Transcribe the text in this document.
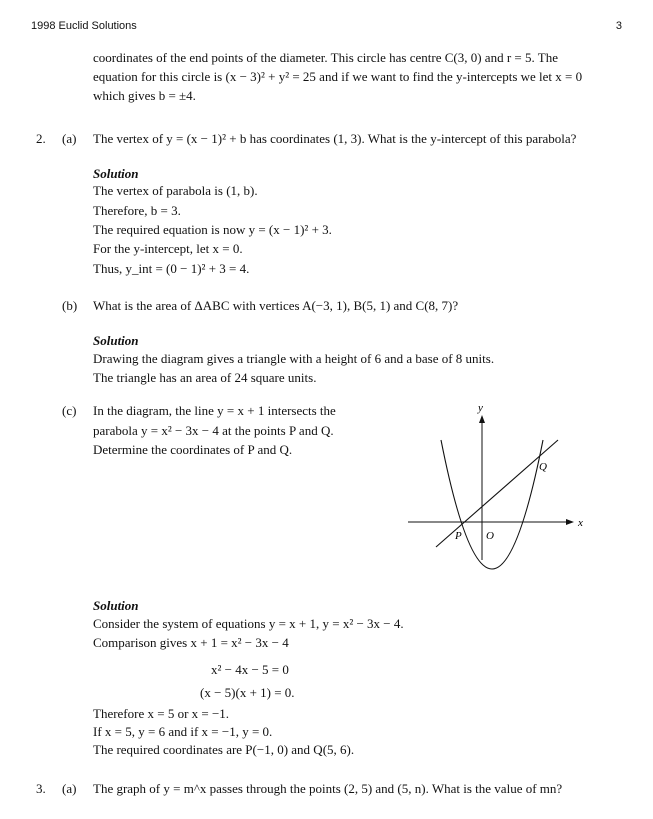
1998 Euclid Solutions	3
coordinates of the end points of the diameter. This circle has centre C(3, 0) and r = 5. The
equation for this circle is (x − 3)² + y² = 25 and if we want to find the y-intercepts we let x = 0
which gives b = ±4.
2. (a) The vertex of y = (x − 1)² + b has coordinates (1, 3). What is the y-intercept of this parabola?
Solution
The vertex of parabola is (1, b).
Therefore, b = 3.
The required equation is now y = (x − 1)² + 3.
For the y-intercept, let x = 0.
Thus, y_int = (0 − 1)² + 3 = 4.
(b) What is the area of ΔABC with vertices A(−3, 1), B(5, 1) and C(8, 7)?
Solution
Drawing the diagram gives a triangle with a height of 6 and a base of 8 units.
The triangle has an area of 24 square units.
(c) In the diagram, the line y = x + 1 intersects the
parabola y = x² − 3x − 4 at the points P and Q.
Determine the coordinates of P and Q.
y
x
P O
Q
Solution
Consider the system of equations y = x + 1, y = x² − 3x − 4.
Comparison gives x + 1 = x² − 3x − 4
x² − 4x − 5 = 0
(x − 5)(x + 1) = 0.
Therefore x = 5 or x = −1.
If x = 5, y = 6 and if x = −1, y = 0.
The required coordinates are P(−1, 0) and Q(5, 6).
3. (a) The graph of y = m^x passes through the points (2, 5) and (5, n). What is the value of mn?
